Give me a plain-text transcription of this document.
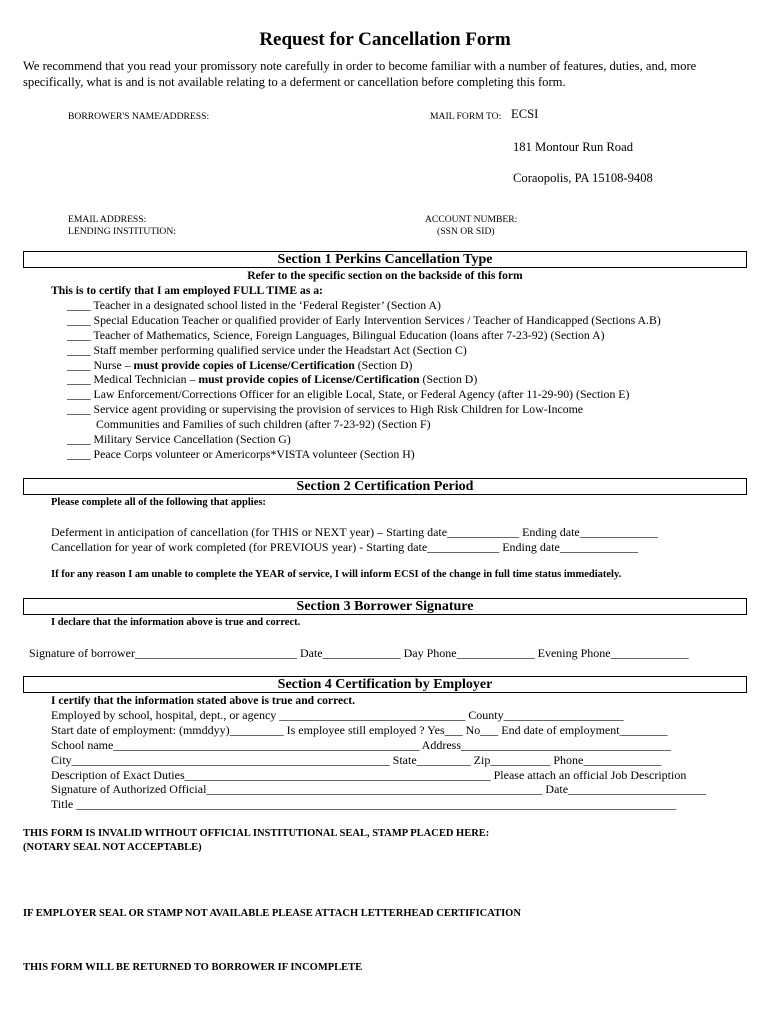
Request for Cancellation Form
We recommend that you read your promissory note carefully in order to become familiar with a number of features, duties, and, more specifically, what is and is not available relating to a deferment or cancellation before completing this form.
BORROWER'S NAME/ADDRESS:	MAIL FORM TO: ECSI
181 Montour Run Road
Coraopolis, PA 15108-9408
EMAIL ADDRESS:
LENDING INSTITUTION:
ACCOUNT NUMBER:
(SSN OR SID)
Section 1 Perkins Cancellation Type
Refer to the specific section on the backside of this form
This is to certify that I am employed FULL TIME as a:
____ Teacher in a designated school listed in the ‘Federal Register’ (Section A)
____ Special Education Teacher or qualified provider of Early Intervention Services / Teacher of Handicapped (Sections A.B)
____ Teacher of Mathematics, Science, Foreign Languages, Bilingual Education (loans after 7-23-92) (Section A)
____ Staff member performing qualified service under the Headstart Act (Section C)
____ Nurse – must provide copies of License/Certification (Section D)
____ Medical Technician – must provide copies of License/Certification (Section D)
____ Law Enforcement/Corrections Officer for an eligible Local, State, or Federal Agency (after 11-29-90) (Section E)
____ Service agent providing or supervising the provision of services to High Risk Children for Low-Income
Communities and Families of such children (after 7-23-92) (Section F)
____ Military Service Cancellation (Section G)
____ Peace Corps volunteer or Americorps*VISTA volunteer (Section H)
Section 2 Certification Period
Please complete all of the following that applies:
Deferment in anticipation of cancellation (for THIS or NEXT year) – Starting date____________ Ending date_____________
Cancellation for year of work completed (for PREVIOUS year) - Starting date____________ Ending date_____________
If for any reason I am unable to complete the YEAR of service, I will inform ECSI of the change in full time status immediately.
Section 3 Borrower Signature
I declare that the information above is true and correct.
Signature of borrower___________________________ Date_____________ Day Phone_____________ Evening Phone_____________
Section 4 Certification by Employer
I certify that the information stated above is true and correct.
Employed by school, hospital, dept., or agency _______________________________ County____________________
Start date of employment: (mmddyy)_________ Is employee still employed ? Yes___ No___ End date of employment________
School name___________________________________________________ Address___________________________________
City_____________________________________________________ State_________ Zip__________ Phone_____________
Description of Exact Duties___________________________________________________ Please attach an official Job Description
Signature of Authorized Official________________________________________________________ Date_______________________
Title ____________________________________________________________________________________________________
THIS FORM IS INVALID WITHOUT OFFICIAL INSTITUTIONAL SEAL, STAMP PLACED HERE:
(NOTARY SEAL NOT ACCEPTABLE)
IF EMPLOYER SEAL OR STAMP NOT AVAILABLE PLEASE ATTACH LETTERHEAD CERTIFICATION
THIS FORM WILL BE RETURNED TO BORROWER IF INCOMPLETE
